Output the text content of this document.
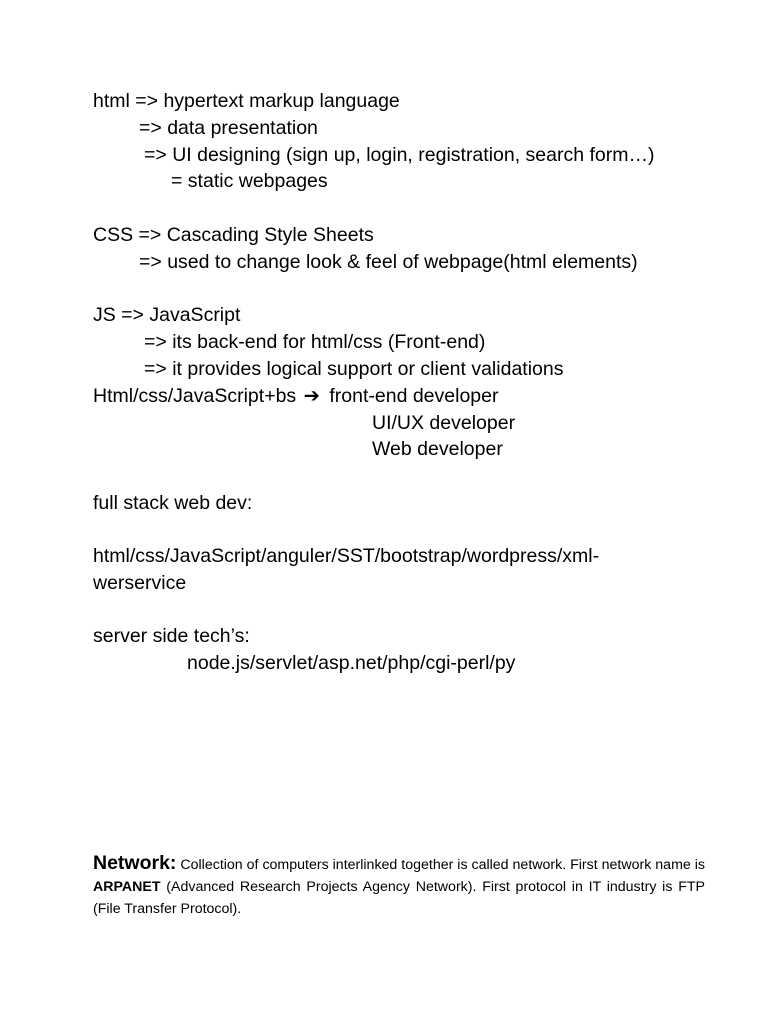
html => hypertext markup language
=> data presentation
=> UI designing (sign up, login, registration, search form…)
= static webpages
CSS => Cascading Style Sheets
=> used to change look & feel of webpage(html elements)
JS => JavaScript
=> its back-end for html/css (Front-end)
=> it provides logical support or client validations
Html/css/JavaScript+bs ➔ front-end developer
UI/UX developer
Web developer
full stack web dev:
html/css/JavaScript/anguler/SST/bootstrap/wordpress/xml-
werservice
server side tech’s:
node.js/servlet/asp.net/php/cgi-perl/py
Network: Collection of computers interlinked together is called network. First network name is ARPANET (Advanced Research Projects Agency Network). First protocol in IT industry is FTP (File Transfer Protocol).
